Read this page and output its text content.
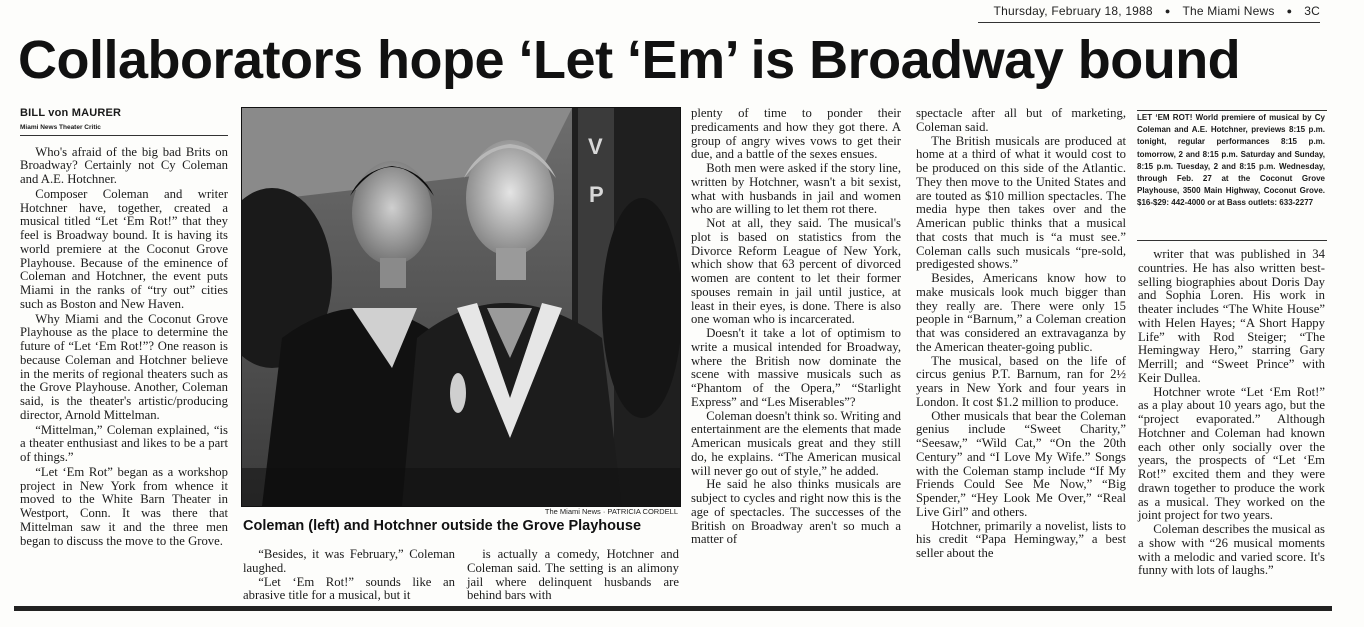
Thursday, February 18, 1988 ● The Miami News ● 3C
Collaborators hope ‘Let ‘Em’ is Broadway bound

BILL von MAURER

Miami News Theater Critic

Who's afraid of the big bad Brits on Broadway? Certainly not Cy Coleman and A.E. Hotchner.

Composer Coleman and writer Hotchner have, together, created a musical titled “Let ‘Em Rot!” that they feel is Broadway bound. It is having its world premiere at the Coconut Grove Playhouse. Because of the eminence of Coleman and Hotchner, the event puts Miami in the ranks of “try out” cities such as Boston and New Haven.

Why Miami and the Coconut Grove Playhouse as the place to determine the future of “Let ‘Em Rot!”? One reason is because Coleman and Hotchner believe in the merits of regional theaters such as the Grove Playhouse. Another, Coleman said, is the theater's artistic/producing director, Arnold Mittelman.

“Mittelman,” Coleman explained, “is a theater enthusiast and likes to be a part of things.”

“Let ‘Em Rot” began as a workshop project in New York from whence it moved to the White Barn Theater in Westport, Conn. It was there that Mittelman saw it and the three men began to discuss the move to the Grove.

V
P
The Miami News · PATRICIA CORDELL
Coleman (left) and Hotchner outside the Grove Playhouse

“Besides, it was February,” Coleman laughed.

“Let ‘Em Rot!” sounds like an abrasive title for a musical, but it

is actually a comedy, Hotchner and Coleman said. The setting is an alimony jail where delinquent husbands are behind bars with

plenty of time to ponder their predicaments and how they got there. A group of angry wives vows to get their due, and a battle of the sexes ensues.

Both men were asked if the story line, written by Hotchner, wasn't a bit sexist, what with husbands in jail and women who are willing to let them rot there.

Not at all, they said. The musical's plot is based on statistics from the Divorce Reform League of New York, which show that 63 percent of divorced women are content to let their former spouses remain in jail until justice, at least in their eyes, is done. There is also one woman who is incarcerated.

Doesn't it take a lot of optimism to write a musical intended for Broadway, where the British now dominate the scene with massive musicals such as “Phantom of the Opera,” “Starlight Express” and “Les Miserables”?

Coleman doesn't think so. Writing and entertainment are the elements that made American musicals great and they still do, he explains. “The American musical will never go out of style,” he added.

He said he also thinks musicals are subject to cycles and right now this is the age of spectacles. The successes of the British on Broadway aren't so much a matter of

spectacle after all but of marketing, Coleman said.

The British musicals are produced at home at a third of what it would cost to be produced on this side of the Atlantic. They then move to the United States and are touted as $10 million spectacles. The media hype then takes over and the American public thinks that a musical that costs that much is “a must see.” Coleman calls such musicals “pre-sold, predigested shows.”

Besides, Americans know how to make musicals look much bigger than they really are. There were only 15 people in “Barnum,” a Coleman creation that was considered an extravaganza by the American theater-going public.

The musical, based on the life of circus genius P.T. Barnum, ran for 2½ years in New York and four years in London. It cost $1.2 million to produce.

Other musicals that bear the Coleman genius include “Sweet Charity,” “Seesaw,” “Wild Cat,” “On the 20th Century” and “I Love My Wife.” Songs with the Coleman stamp include “If My Friends Could See Me Now,” “Big Spender,” “Hey Look Me Over,” “Real Live Girl” and others.

Hotchner, primarily a novelist, lists to his credit “Papa Hemingway,” a best seller about the

LET ‘EM ROT! World premiere of musical by Cy Coleman and A.E. Hotchner, previews 8:15 p.m. tonight, regular performances 8:15 p.m. tomorrow, 2 and 8:15 p.m. Saturday and Sunday, 8:15 p.m. Tuesday, 2 and 8:15 p.m. Wednesday, through Feb. 27 at the Coconut Grove Playhouse, 3500 Main Highway, Coconut Grove. $16-$29: 442-4000 or at Bass outlets: 633-2277

writer that was published in 34 countries. He has also written best-selling biographies about Doris Day and Sophia Loren. His work in theater includes “The White House” with Helen Hayes; “A Short Happy Life” with Rod Steiger; “The Hemingway Hero,” starring Gary Merrill; and “Sweet Prince” with Keir Dullea.

Hotchner wrote “Let ‘Em Rot!” as a play about 10 years ago, but the “project evaporated.” Although Hotchner and Coleman had known each other only socially over the years, the prospects of “Let ‘Em Rot!” excited them and they were drawn together to produce the work as a musical. They worked on the joint project for two years.

Coleman describes the musical as a show with “26 musical moments with a melodic and varied score. It's funny with lots of laughs.”
